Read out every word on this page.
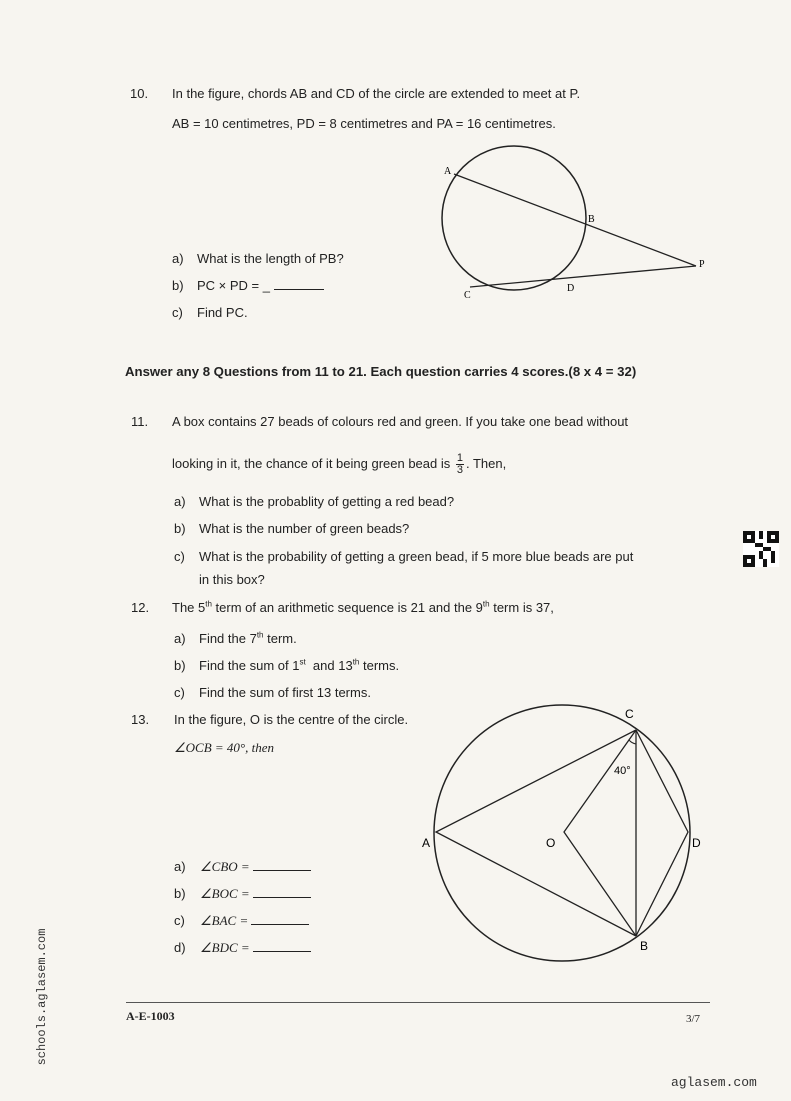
10. In the figure, chords AB and CD of the circle are extended to meet at P.
AB = 10 centimetres, PD = 8 centimetres and PA = 16 centimetres.
a) What is the length of PB?
b) PC × PD = _
c) Find PC.
A
B
C
D
P
Answer any 8 Questions from 11 to 21. Each question carries 4 scores.(8 x 4 = 32)
11. A box contains 27 beads of colours red and green. If you take one bead without
looking in it, the chance of it being green bead is $\frac{1}{3}$ . Then,
a) What is the probablity of getting a red bead?
b) What is the number of green beads?
c) What is the probability of getting a green bead, if 5 more blue beads are put
in this box?
12. The 5th term of an arithmetic sequence is 21 and the 9th term is 37,
a) Find the 7th term.
b) Find the sum of 1st  and 13th terms.
c) Find the sum of first 13 terms.
13. In the figure, O is the centre of the circle.
∠OCB = 40°, then
a) ∠CBO =
b) ∠BOC =
c) ∠BAC =
d) ∠BDC =
C
A	O	D
B
40°
A-E-1003	3/7
schools.aglasem.com
aglasem.com
